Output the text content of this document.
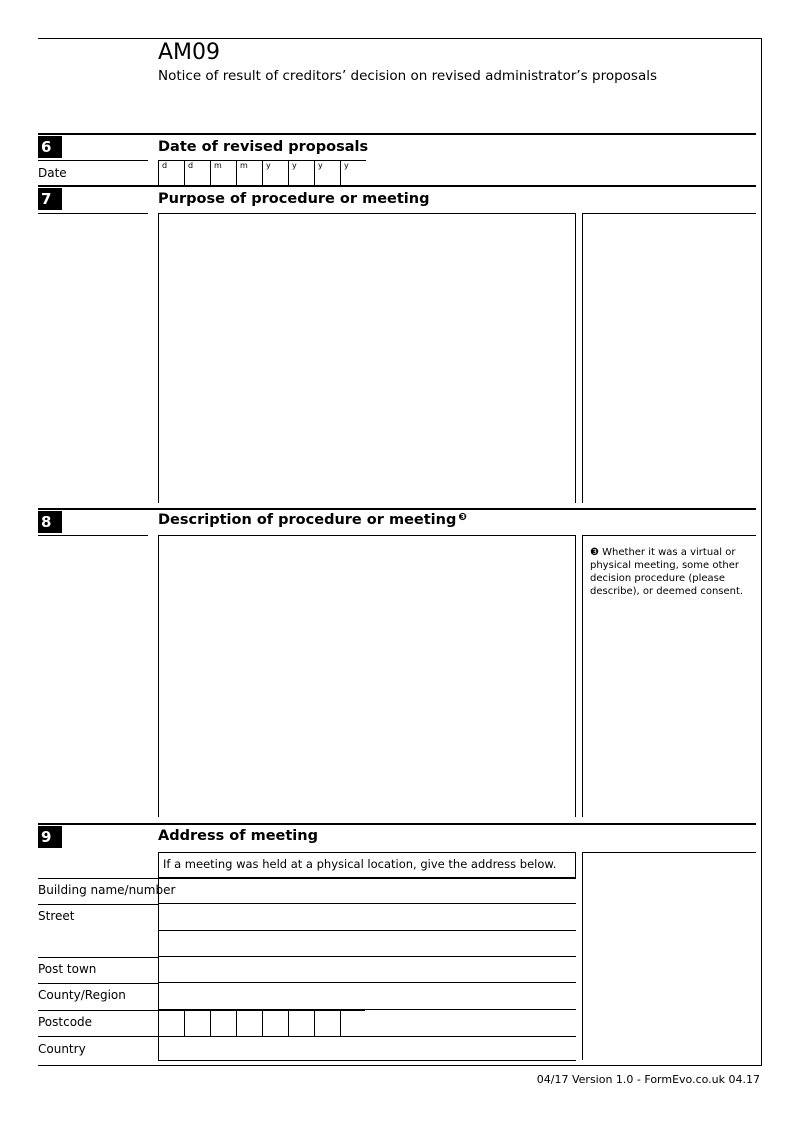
AM09
Notice of result of creditors’ decision on revised administrator’s proposals
6	Date of revised proposals
Date
d	d	m m y	y	y	y
7	Purpose of procedure or meeting
8	Description of procedure or meeting $^❸$
❸ Whether it was a virtual or physical meeting, some other decision procedure (please describe), or deemed consent.
9	Address of meeting
If a meeting was held at a physical location, give the address below.
Building name/number
Street
Post town
County/Region
Postcode
Country
04/17 Version 1.0 - FormEvo.co.uk 04.17
